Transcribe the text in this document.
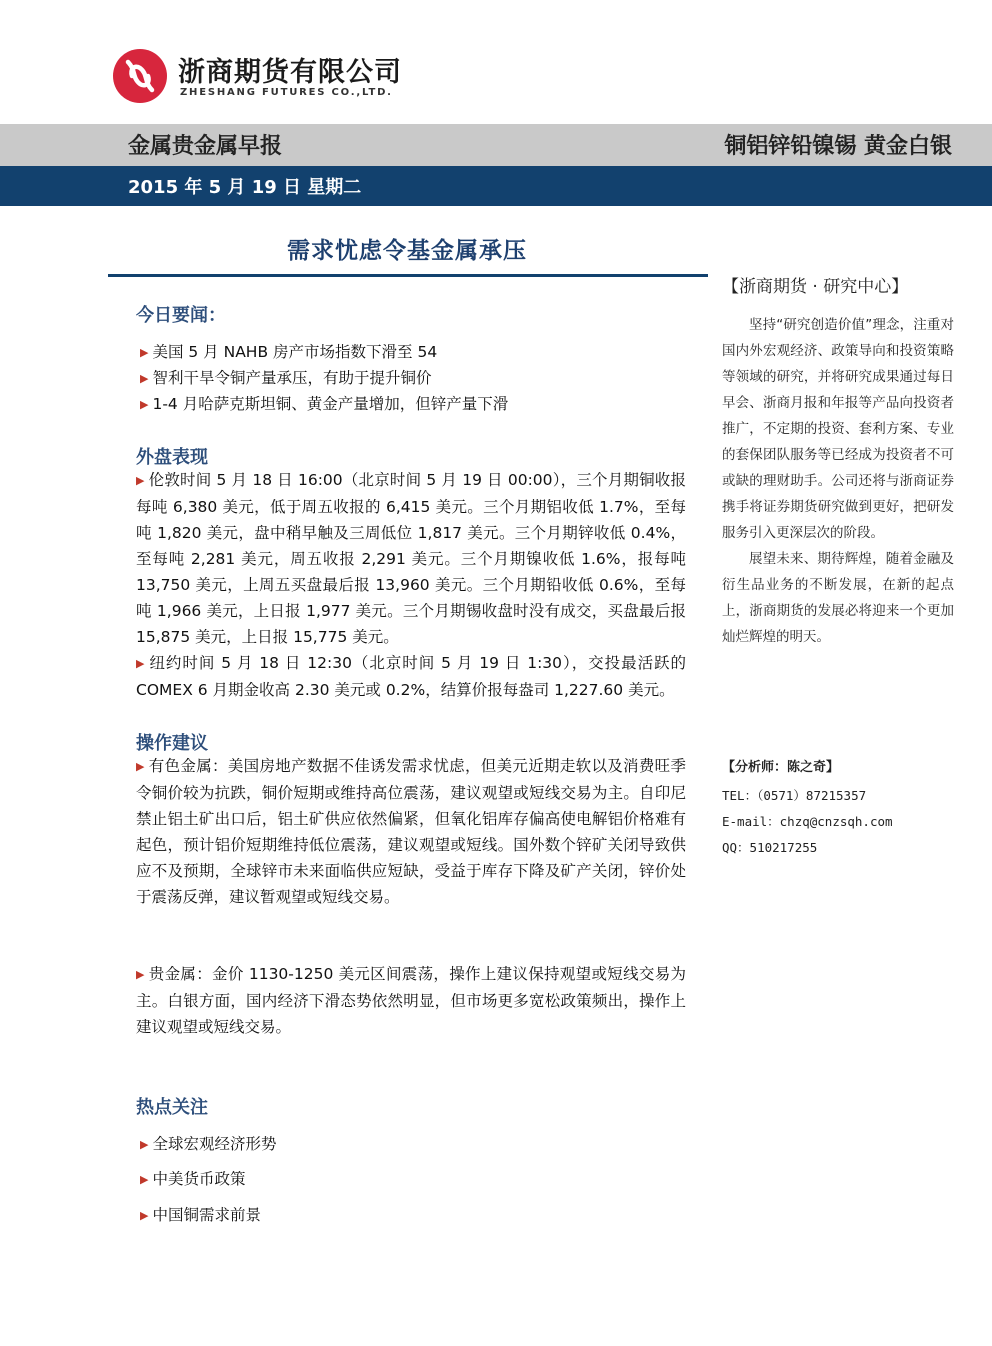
浙商期货有限公司
ZHESHANG FUTURES CO.,LTD.
金属贵金属早报	铜铝锌铅镍锡 黄金白银
2015 年 5 月 19 日 星期二
需求忧虑令基金属承压
今日要闻：
▶ 美国 5 月 NAHB 房产市场指数下滑至 54
▶ 智利干旱令铜产量承压，有助于提升铜价
▶ 1-4 月哈萨克斯坦铜、黄金产量增加，但锌产量下滑
外盘表现

▶ 伦敦时间 5 月 18 日 16:00（北京时间 5 月 19 日 00:00），三个月期铜收报每吨 6,380 美元，低于周五收报的 6,415 美元。三个月期铝收低 1.7%，至每吨 1,820 美元，盘中稍早触及三周低位 1,817 美元。三个月期锌收低 0.4%，至每吨 2,281 美元，周五收报 2,291 美元。三个月期镍收低 1.6%，报每吨 13,750 美元，上周五买盘最后报 13,960 美元。三个月期铅收低 0.6%，至每吨 1,966 美元，上日报 1,977 美元。三个月期锡收盘时没有成交，买盘最后报 15,875 美元，上日报 15,775 美元。

▶ 纽约时间 5 月 18 日 12:30（北京时间 5 月 19 日 1:30），交投最活跃的 COMEX 6 月期金收高 2.30 美元或 0.2%，结算价报每盎司 1,227.60 美元。

操作建议

▶ 有色金属：美国房地产数据不佳诱发需求忧虑，但美元近期走软以及消费旺季令铜价较为抗跌，铜价短期或维持高位震荡，建议观望或短线交易为主。自印尼禁止铝土矿出口后，铝土矿供应依然偏紧，但氧化铝库存偏高使电解铝价格难有起色，预计铝价短期维持低位震荡，建议观望或短线。国外数个锌矿关闭导致供应不及预期，全球锌市未来面临供应短缺，受益于库存下降及矿产关闭，锌价处于震荡反弹，建议暂观望或短线交易。

▶ 贵金属：金价 1130-1250 美元区间震荡，操作上建议保持观望或短线交易为主。白银方面，国内经济下滑态势依然明显，但市场更多宽松政策频出，操作上建议观望或短线交易。

热点关注
▶ 全球宏观经济形势
▶ 中美货币政策
▶ 中国铜需求前景
【浙商期货 · 研究中心】

坚持“研究创造价值”理念，注重对国内外宏观经济、政策导向和投资策略等领域的研究，并将研究成果通过每日早会、浙商月报和年报等产品向投资者推广，不定期的投资、套利方案、专业的套保团队服务等已经成为投资者不可或缺的理财助手。公司还将与浙商证券携手将证券期货研究做到更好，把研发服务引入更深层次的阶段。

展望未来、期待辉煌，随着金融及衍生品业务的不断发展，在新的起点上，浙商期货的发展必将迎来一个更加灿烂辉煌的明天。

【分析师：陈之奇】
TEL：（0571）87215357
E-mail：chzq@cnzsqh.com
QQ：510217255
